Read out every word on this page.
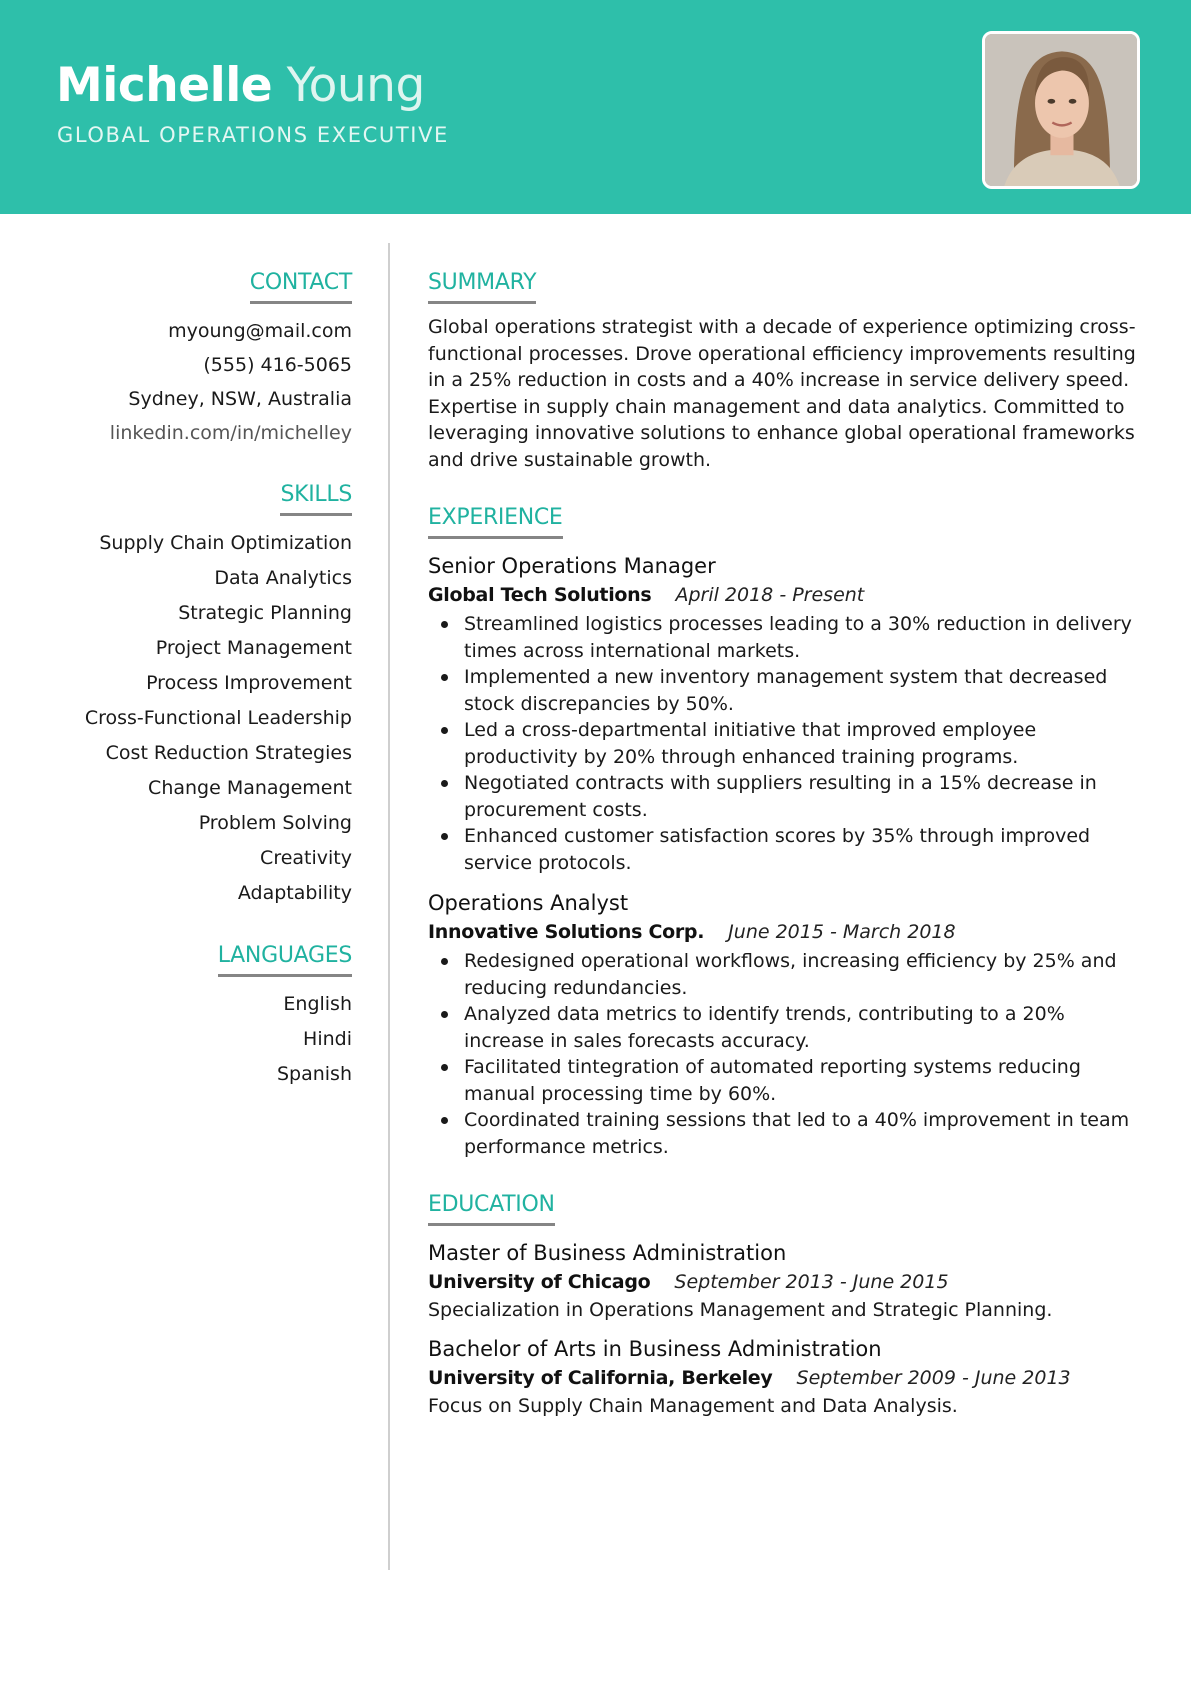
Michelle Young
GLOBAL OPERATIONS EXECUTIVE
CONTACT
myoung@mail.com
(555) 416-5065
Sydney, NSW, Australia
linkedin.com/in/michelley
SKILLS
Supply Chain Optimization
Data Analytics
Strategic Planning
Project Management
Process Improvement
Cross-Functional Leadership
Cost Reduction Strategies
Change Management
Problem Solving
Creativity
Adaptability
LANGUAGES
English
Hindi
Spanish
SUMMARY
Global operations strategist with a decade of experience optimizing cross-functional processes. Drove operational efficiency improvements resulting in a 25% reduction in costs and a 40% increase in service delivery speed. Expertise in supply chain management and data analytics. Committed to leveraging innovative solutions to enhance global operational frameworks and drive sustainable growth.
EXPERIENCE
Senior Operations Manager
Global Tech Solutions April 2018 - Present
Streamlined logistics processes leading to a 30% reduction in delivery times across international markets.
Implemented a new inventory management system that decreased stock discrepancies by 50%.
Led a cross-departmental initiative that improved employee productivity by 20% through enhanced training programs.
Negotiated contracts with suppliers resulting in a 15% decrease in procurement costs.
Enhanced customer satisfaction scores by 35% through improved service protocols.
Operations Analyst
Innovative Solutions Corp. June 2015 - March 2018
Redesigned operational workflows, increasing efficiency by 25% and reducing redundancies.
Analyzed data metrics to identify trends, contributing to a 20% increase in sales forecasts accuracy.
Facilitated tintegration of automated reporting systems reducing manual processing time by 60%.
Coordinated training sessions that led to a 40% improvement in team performance metrics.
EDUCATION
Master of Business Administration
University of Chicago September 2013 - June 2015
Specialization in Operations Management and Strategic Planning.
Bachelor of Arts in Business Administration
University of California, Berkeley September 2009 - June 2013
Focus on Supply Chain Management and Data Analysis.
